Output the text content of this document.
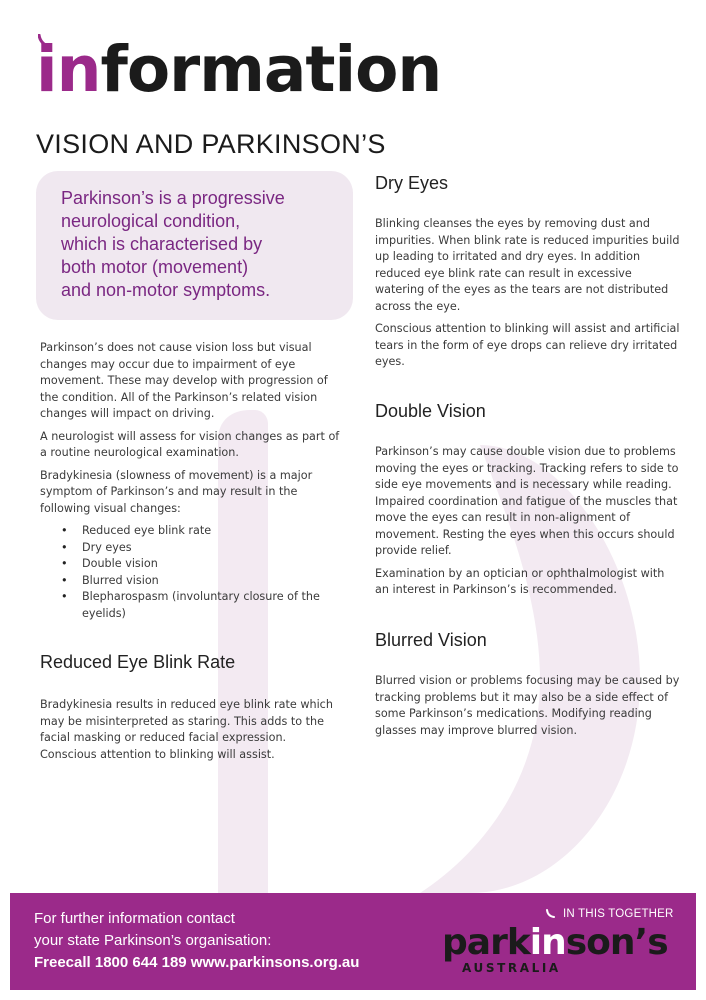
information
VISION AND PARKINSON’S

Parkinson’s is a progressive
neurological condition,
which is characterised by
both motor (movement)
and non-motor symptoms.

Parkinson’s does not cause vision loss but visual changes may occur due to impairment of eye movement. These may develop with progression of the condition. All of the Parkinson’s related vision changes will impact on driving.

A neurologist will assess for vision changes as part of a routine neurological examination.

Bradykinesia (slowness of movement) is a major symptom of Parkinson’s and may result in the following visual changes:

• Reduced eye blink rate
• Dry eyes
• Double vision
• Blurred vision
• Blepharospasm (involuntary closure of the eyelids)
Reduced Eye Blink Rate

Bradykinesia results in reduced eye blink rate which may be misinterpreted as staring. This adds to the facial masking or reduced facial expression. Conscious attention to blinking will assist.

Dry Eyes

Blinking cleanses the eyes by removing dust and impurities. When blink rate is reduced impurities build up leading to irritated and dry eyes. In addition reduced eye blink rate can result in excessive watering of the eyes as the tears are not distributed across the eye.

Conscious attention to blinking will assist and artificial tears in the form of eye drops can relieve dry irritated eyes.

Double Vision

Parkinson’s may cause double vision due to problems moving the eyes or tracking. Tracking refers to side to side eye movements and is necessary while reading. Impaired coordination and fatigue of the muscles that move the eyes can result in non-alignment of movement. Resting the eyes when this occurs should provide relief.

Examination by an optician or ophthalmologist with an interest in Parkinson’s is recommended.

Blurred Vision

Blurred vision or problems focusing may be caused by tracking problems but it may also be a side effect of some Parkinson’s medications. Modifying reading glasses may improve blurred vision.

For further information contact
your state Parkinson’s organisation:
Freecall 1800 644 189 www.parkinsons.org.au
IN THIS TOGETHER
parkinson’s
AUSTRALIA
